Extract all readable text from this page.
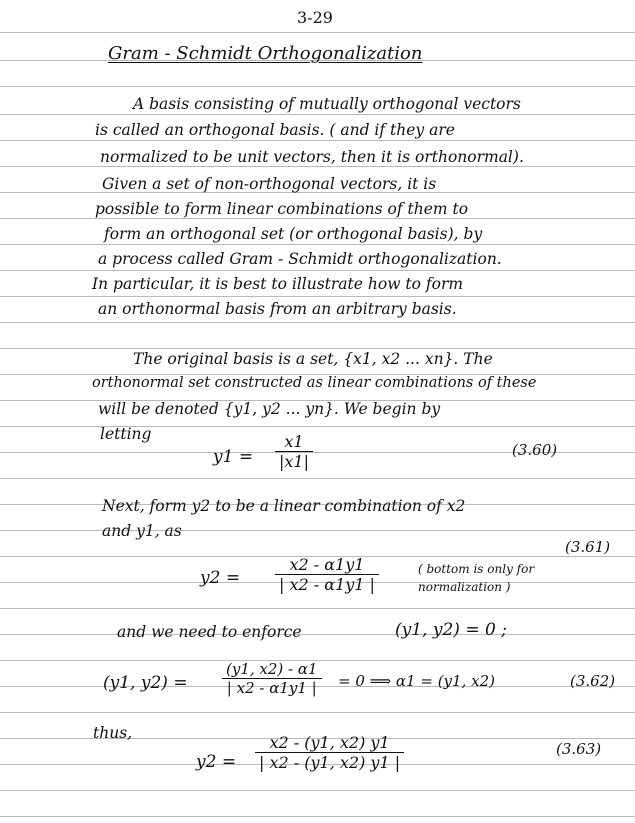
3-29
Gram - Schmidt Orthogonalization
A basis consisting of mutually orthogonal vectors
is called an orthogonal basis. ( and if they are
normalized to be unit vectors, then it is orthonormal).
Given a set of non-orthogonal vectors, it is
possible to form linear combinations of them to
form an orthogonal set (or orthogonal basis), by
a process called Gram - Schmidt orthogonalization.
In particular, it is best to illustrate how to form
an orthonormal basis from an arbitrary basis.
The original basis is a set, {x1, x2 ... xn}. The
orthonormal set constructed as linear combinations of these
will be denoted {y1, y2 ... yn}. We begin by
letting
$y1 = \frac{x1}{|x1|}$	(3.60)
Next, form y2 to be a linear combination of x2
and y1, as
(3.61)
$y2 = \frac{x2 - \alpha 1y1}{| x2 - \alpha 1y1 |}$	( bottom is only for normalization )
and we need to enforce	(y1, y2) = 0 ;
(y1, $y2) = \frac{(y1, x2) - \alpha 1}{| x2 - \alpha 1y1 |} = 0$ ⟹ α1 = (y1, x2)	(3.62)
thus,
$y2 = \frac{x2 - (y1, x2) y1}{| x2 - (y1, x2) y1 |}$	(3.63)
